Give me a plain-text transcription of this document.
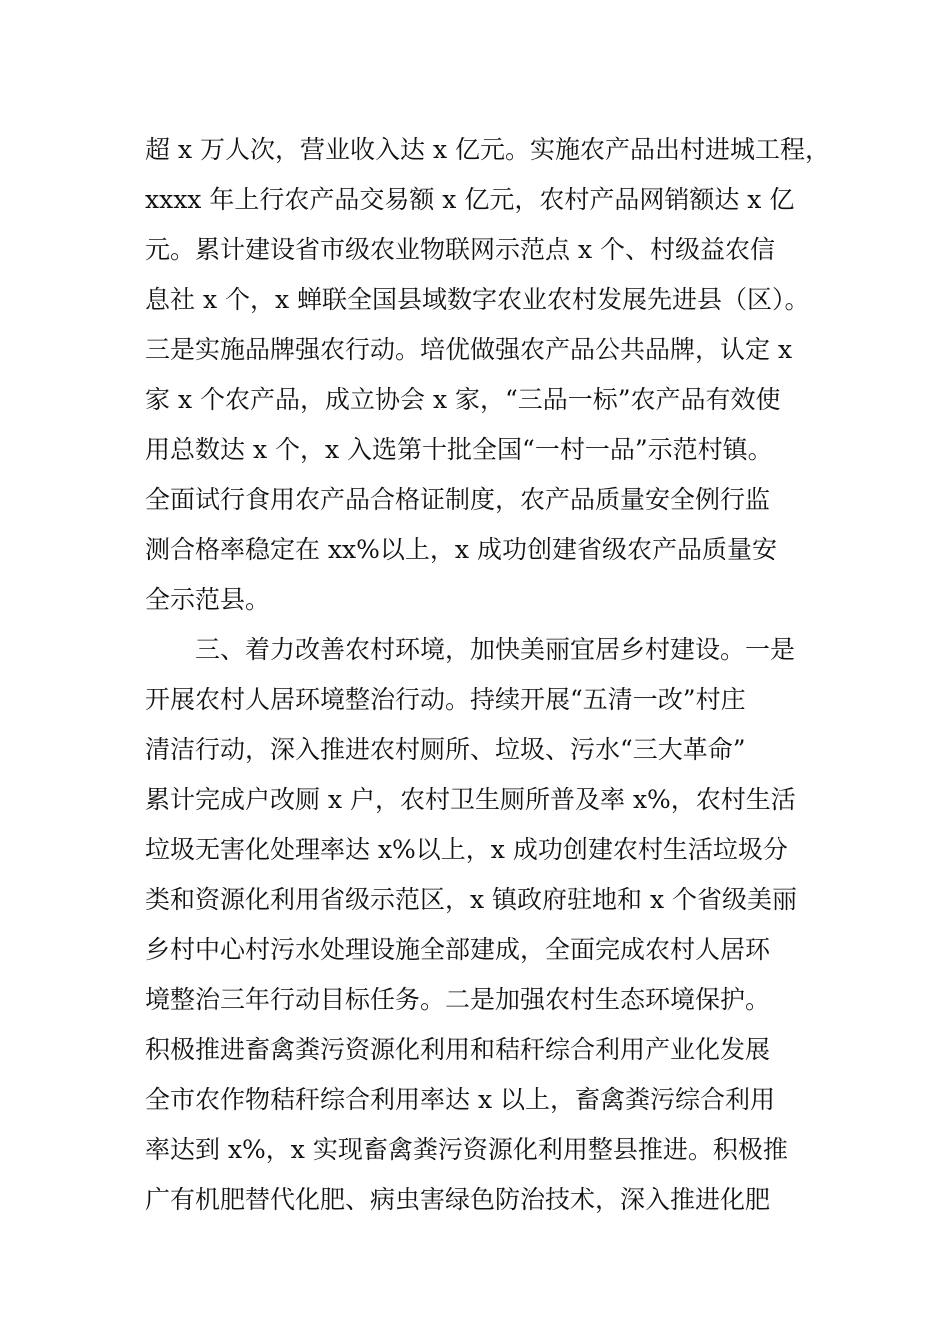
超 x 万人次，营业收入达 x 亿元。实施农产品出村进城工程，
xxxx 年上行农产品交易额 x 亿元，农村产品网销额达 x 亿
元。累计建设省市级农业物联网示范点 x 个、村级益农信
息社 x 个，x 蝉联全国县域数字农业农村发展先进县（区）。
三是实施品牌强农行动。培优做强农产品公共品牌，认定 x
家 x 个农产品，成立协会 x 家，“三品一标”农产品有效使
用总数达 x 个，x 入选第十批全国“一村一品”示范村镇。
全面试行食用农产品合格证制度，农产品质量安全例行监
测合格率稳定在 xx%以上，x 成功创建省级农产品质量安
全示范县。
　　三、着力改善农村环境，加快美丽宜居乡村建设。一是
开展农村人居环境整治行动。持续开展“五清一改”村庄
清洁行动，深入推进农村厕所、垃圾、污水“三大革命”
累计完成户改厕 x 户，农村卫生厕所普及率 x%，农村生活
垃圾无害化处理率达 x%以上，x 成功创建农村生活垃圾分
类和资源化利用省级示范区，x 镇政府驻地和 x 个省级美丽
乡村中心村污水处理设施全部建成，全面完成农村人居环
境整治三年行动目标任务。二是加强农村生态环境保护。
积极推进畜禽粪污资源化利用和秸秆综合利用产业化发展
全市农作物秸秆综合利用率达 x 以上，畜禽粪污综合利用
率达到 x%，x 实现畜禽粪污资源化利用整县推进。积极推
广有机肥替代化肥、病虫害绿色防治技术，深入推进化肥
